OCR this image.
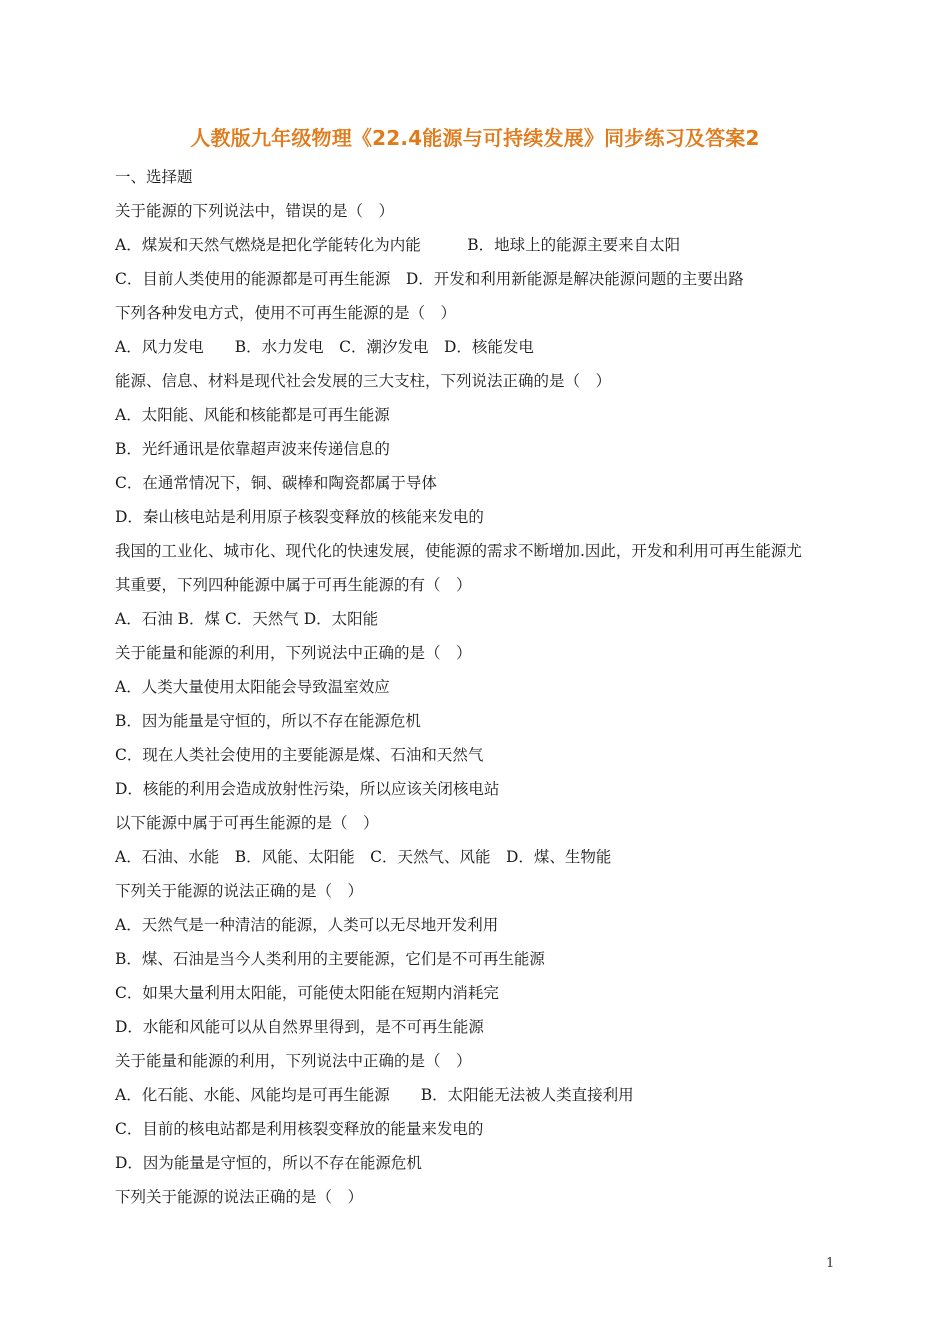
人教版九年级物理《22.4能源与可持续发展》同步练习及答案2
一、选择题
关于能源的下列说法中，错误的是（　）
A．煤炭和天然气燃烧是把化学能转化为内能　　　B．地球上的能源主要来自太阳
C．目前人类使用的能源都是可再生能源　D．开发和利用新能源是解决能源问题的主要出路
下列各种发电方式，使用不可再生能源的是（　）
A．风力发电　　B．水力发电　C．潮汐发电　D．核能发电
能源、信息、材料是现代社会发展的三大支柱，下列说法正确的是（　）
A．太阳能、风能和核能都是可再生能源
B．光纤通讯是依靠超声波来传递信息的
C．在通常情况下，铜、碳棒和陶瓷都属于导体
D．秦山核电站是利用原子核裂变释放的核能来发电的
我国的工业化、城市化、现代化的快速发展，使能源的需求不断增加.因此，开发和利用可再生能源尤
其重要，下列四种能源中属于可再生能源的有（　）
A．石油 B．煤 C．天然气 D．太阳能
关于能量和能源的利用，下列说法中正确的是（　）
A．人类大量使用太阳能会导致温室效应
B．因为能量是守恒的，所以不存在能源危机
C．现在人类社会使用的主要能源是煤、石油和天然气
D．核能的利用会造成放射性污染，所以应该关闭核电站
以下能源中属于可再生能源的是（　）
A．石油、水能　B．风能、太阳能　C．天然气、风能　D．煤、生物能
下列关于能源的说法正确的是（　）
A．天然气是一种清洁的能源，人类可以无尽地开发利用
B．煤、石油是当今人类利用的主要能源，它们是不可再生能源
C．如果大量利用太阳能，可能使太阳能在短期内消耗完
D．水能和风能可以从自然界里得到，是不可再生能源
关于能量和能源的利用，下列说法中正确的是（　）
A．化石能、水能、风能均是可再生能源　　B．太阳能无法被人类直接利用
C．目前的核电站都是利用核裂变释放的能量来发电的
D．因为能量是守恒的，所以不存在能源危机
下列关于能源的说法正确的是（　）
1
